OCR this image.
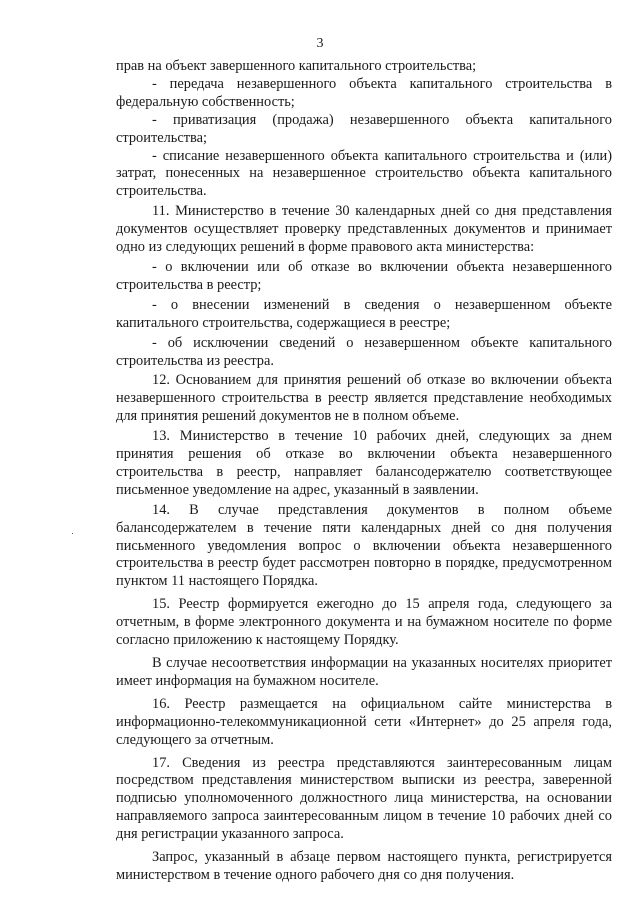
3

прав на объект завершенного капитального строительства;

- передача незавершенного объекта капитального строительства в федеральную собственность;

- приватизация (продажа) незавершенного объекта капитального строительства;

- списание незавершенного объекта капитального строительства и (или) затрат, понесенных на незавершенное строительство объекта капитального строительства.

11. Министерство в течение 30 календарных дней со дня представления документов осуществляет проверку представленных документов и принимает одно из следующих решений в форме правового акта министерства:

- о включении или об отказе во включении объекта незавершенного строительства в реестр;

- о внесении изменений в сведения о незавершенном объекте капитального строительства, содержащиеся в реестре;

- об исключении сведений о незавершенном объекте капитального строительства из реестра.

12. Основанием для принятия решений об отказе во включении объекта незавершенного строительства в реестр является представление необходимых для принятия решений документов не в полном объеме.

13. Министерство в течение 10 рабочих дней, следующих за днем принятия решения об отказе во включении объекта незавершенного строительства в реестр, направляет балансодержателю соответствующее письменное уведомление на адрес, указанный в заявлении.

14. В случае представления документов в полном объеме балансодержателем в течение пяти календарных дней со дня получения письменного уведомления вопрос о включении объекта незавершенного строительства в реестр будет рассмотрен повторно в порядке, предусмотренном пунктом 11 настоящего Порядка.

15. Реестр формируется ежегодно до 15 апреля года, следующего за отчетным, в форме электронного документа и на бумажном носителе по форме согласно приложению к настоящему Порядку.

В случае несоответствия информации на указанных носителях приоритет имеет информация на бумажном носителе.

16. Реестр размещается на официальном сайте министерства в информационно-телекоммуникационной сети «Интернет» до 25 апреля года, следующего за отчетным.

17. Сведения из реестра представляются заинтересованным лицам посредством представления министерством выписки из реестра, заверенной подписью уполномоченного должностного лица министерства, на основании направляемого запроса заинтересованным лицом в течение 10 рабочих дней со дня регистрации указанного запроса.

Запрос, указанный в абзаце первом настоящего пункта, регистрируется министерством в течение одного рабочего дня со дня получения.
